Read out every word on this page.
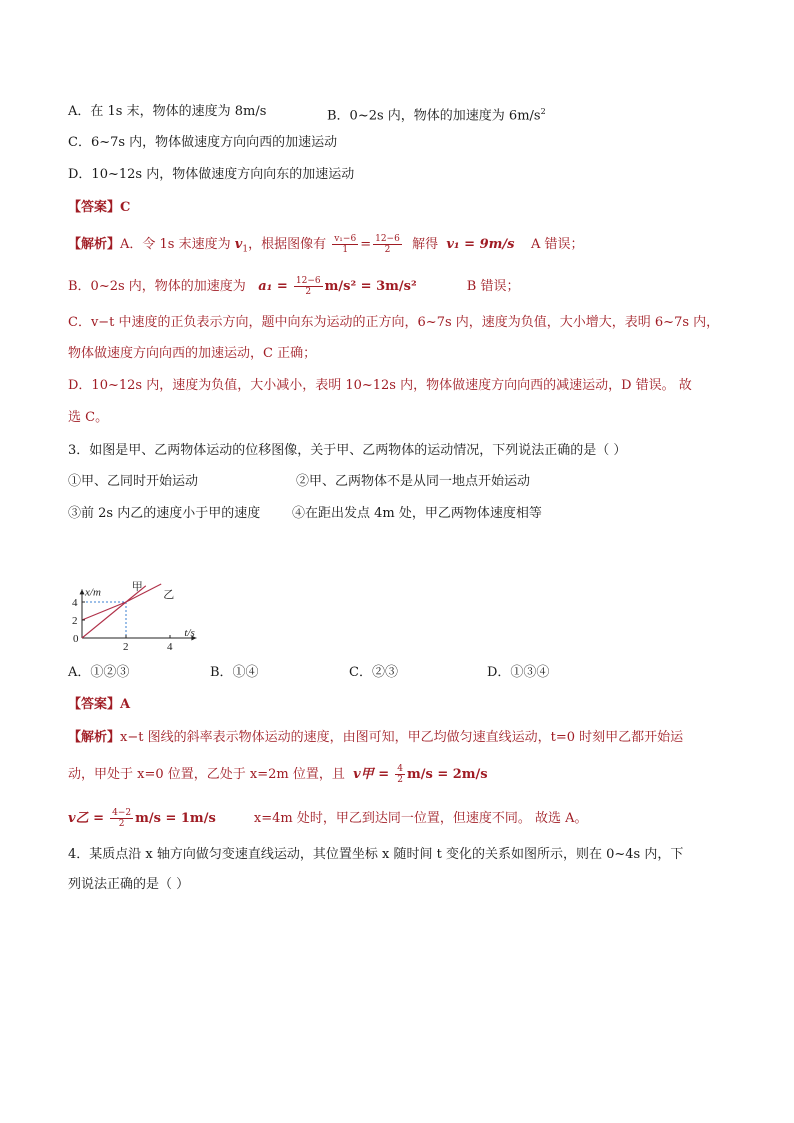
A．在 1s 末，物体的速度为 8m/s	B．0~2s 内，物体的加速度为 $6m/s^2$
C．6~7s 内，物体做速度方向向西的加速运动
D．10~12s 内，物体做速度方向向东的加速运动
【答案】C
【解析】A．令 1s 末速度为 $v_1$，根据图像有 $\frac{\text{v₁−6}}{1} = \frac{12-6}{2}$ 解得 v₁ = 9m/s A 错误；
B．0~2s 内，物体的加速度为 $a_1 = \frac{12-6}{2} m/s^2 = 3m/s^2$	B 错误；
C．v−t 中速度的正负表示方向，题中向东为运动的正方向，6~7s 内，速度为负值，大小增大，表明 6~7s 内，
物体做速度方向向西的加速运动，C 正确；
D．10~12s 内，速度为负值，大小减小，表明 10~12s 内，物体做速度方向向西的减速运动，D 错误。 故
选 C。
3．如图是甲、乙两物体运动的位移图像，关于甲、乙两物体的运动情况，下列说法正确的是（ ）
①甲、乙同时开始运动	②甲、乙两物体不是从同一地点开始运动
③前 2s 内乙的速度小于甲的速度 ④在距出发点 4m 处，甲乙两物体速度相等
甲
乙
0
2	4
2
4
x/m
t/s
A．①②③	B．①④	C．②③	D．①③④
【答案】A
【解析】x−t 图线的斜率表示物体运动的速度，由图可知，甲乙均做匀速直线运动，t=0 时刻甲乙都开始运
动，甲处于 x=0 位置，乙处于 x=2m 位置，且 v甲 = $\frac{4}{2} m/s = 2m/s$
v乙 = $\frac{4-2}{2} m/s = 1m/s$	x=4m 处时，甲乙到达同一位置，但速度不同。 故选 A。
4．某质点沿 x 轴方向做匀变速直线运动，其位置坐标 x 随时间 t 变化的关系如图所示，则在 0~4s 内，下
列说法正确的是（ ）
